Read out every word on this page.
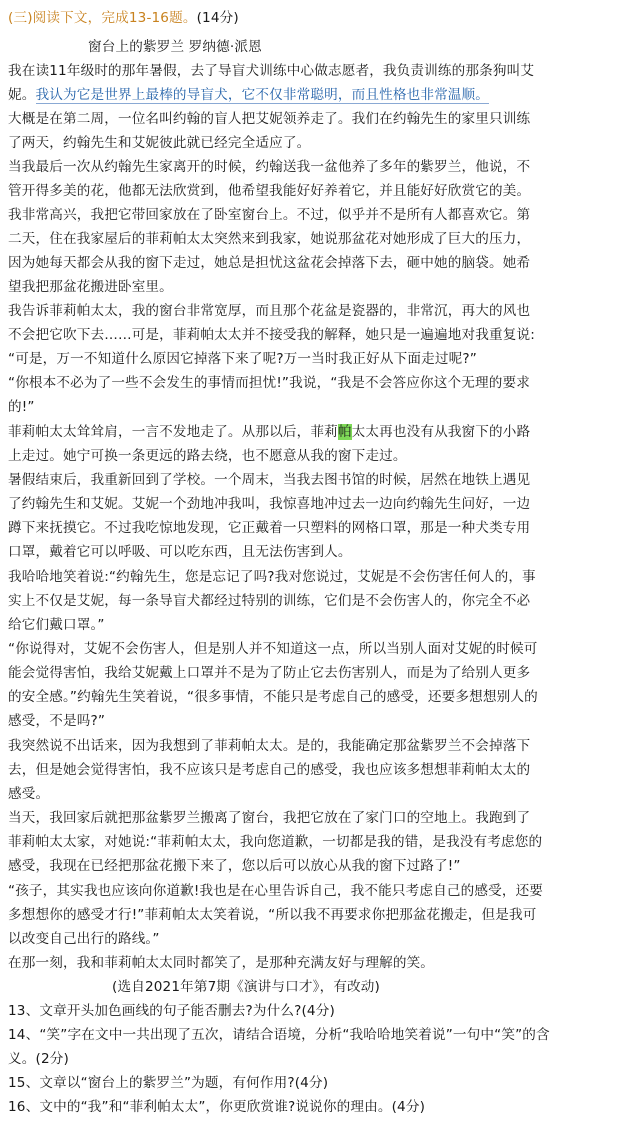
(三)阅读下文，完成13-16题。(14分)
窗台上的紫罗兰 罗纳德·派恩
我在读11年级时的那年暑假，去了导盲犬训练中心做志愿者，我负责训练的那条狗叫艾
妮。我认为它是世界上最棒的导盲犬，它不仅非常聪明，而且性格也非常温顺。
大概是在第二周，一位名叫约翰的盲人把艾妮领养走了。我们在约翰先生的家里只训练
了两天，约翰先生和艾妮彼此就已经完全适应了。
当我最后一次从约翰先生家离开的时候，约翰送我一盆他养了多年的紫罗兰，他说，不
管开得多美的花，他都无法欣赏到，他希望我能好好养着它，并且能好好欣赏它的美。
我非常高兴，我把它带回家放在了卧室窗台上。不过，似乎并不是所有人都喜欢它。第
二天，住在我家屋后的菲莉帕太太突然来到我家，她说那盆花对她形成了巨大的压力，
因为她每天都会从我的窗下走过，她总是担忧这盆花会掉落下去，砸中她的脑袋。她希
望我把那盆花搬进卧室里。
我告诉菲莉帕太太，我的窗台非常宽厚，而且那个花盆是瓷器的，非常沉，再大的风也
不会把它吹下去……可是，菲莉帕太太并不接受我的解释，她只是一遍遍地对我重复说:
“可是，万一不知道什么原因它掉落下来了呢?万一当时我正好从下面走过呢?”
“你根本不必为了一些不会发生的事情而担忧!”我说，“我是不会答应你这个无理的要求
的!”
菲莉帕太太耸耸肩，一言不发地走了。从那以后，菲莉帕太太再也没有从我窗下的小路
上走过。她宁可换一条更远的路去绕，也不愿意从我的窗下走过。
暑假结束后，我重新回到了学校。一个周末，当我去图书馆的时候，居然在地铁上遇见
了约翰先生和艾妮。艾妮一个劲地冲我叫，我惊喜地冲过去一边向约翰先生问好，一边
蹲下来抚摸它。不过我吃惊地发现，它正戴着一只塑料的网格口罩，那是一种犬类专用
口罩，戴着它可以呼吸、可以吃东西，且无法伤害到人。
我哈哈地笑着说:“约翰先生，您是忘记了吗?我对您说过，艾妮是不会伤害任何人的，事
实上不仅是艾妮，每一条导盲犬都经过特别的训练，它们是不会伤害人的，你完全不必
给它们戴口罩。”
“你说得对，艾妮不会伤害人，但是别人并不知道这一点，所以当别人面对艾妮的时候可
能会觉得害怕，我给艾妮戴上口罩并不是为了防止它去伤害别人，而是为了给别人更多
的安全感。”约翰先生笑着说，“很多事情，不能只是考虑自己的感受，还要多想想别人的
感受，不是吗?”
我突然说不出话来，因为我想到了菲莉帕太太。是的，我能确定那盆紫罗兰不会掉落下
去，但是她会觉得害怕，我不应该只是考虑自己的感受，我也应该多想想菲莉帕太太的
感受。
当天，我回家后就把那盆紫罗兰搬离了窗台，我把它放在了家门口的空地上。我跑到了
菲莉帕太太家，对她说:“菲莉帕太太，我向您道歉，一切都是我的错，是我没有考虑您的
感受，我现在已经把那盆花搬下来了，您以后可以放心从我的窗下过路了!”
“孩子，其实我也应该向你道歉!我也是在心里告诉自己，我不能只考虑自己的感受，还要
多想想你的感受才行!”菲莉帕太太笑着说，“所以我不再要求你把那盆花搬走，但是我可
以改变自己出行的路线。”
在那一刻，我和菲莉帕太太同时都笑了，是那种充满友好与理解的笑。
(选自2021年第7期《演讲与口才》，有改动)
13、文章开头加色画线的句子能否删去?为什么?(4分)
14、“笑”字在文中一共出现了五次，请结合语境，分析“我哈哈地笑着说”一句中“笑”的含
义。(2分)
15、文章以“窗台上的紫罗兰”为题，有何作用?(4分)
16、文中的“我”和“菲利帕太太”，你更欣赏谁?说说你的理由。(4分)
